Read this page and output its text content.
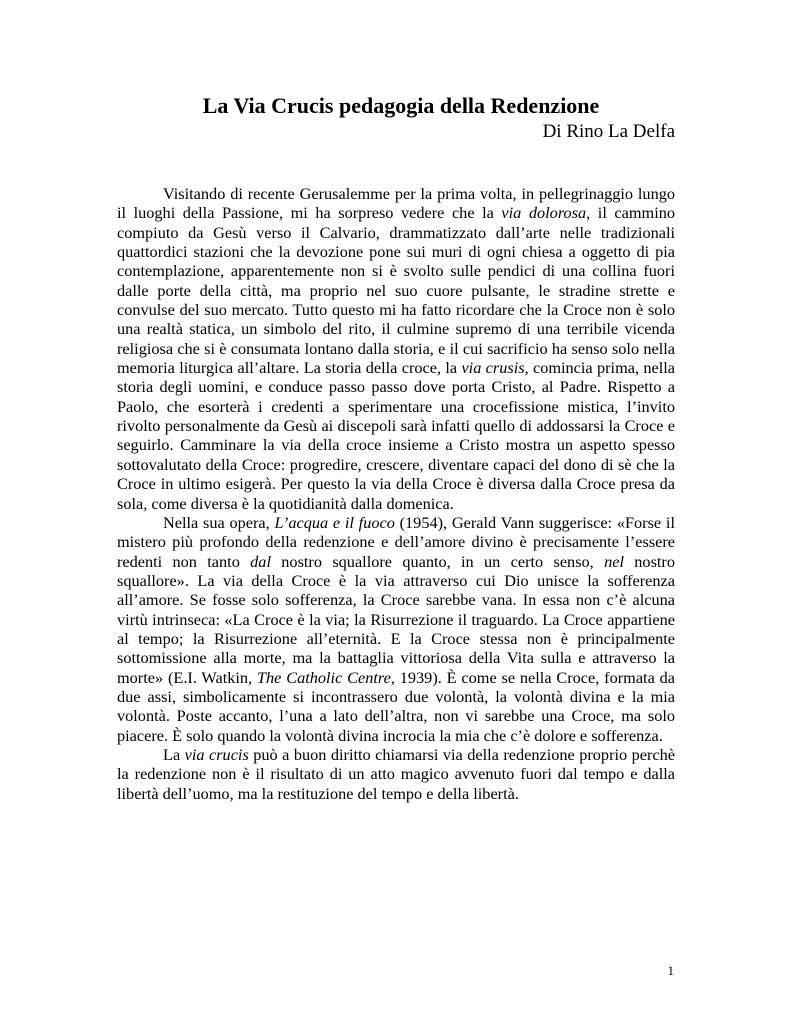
La Via Crucis pedagogia della Redenzione

Di Rino La Delfa

Visitando di recente Gerusalemme per la prima volta, in pellegrinaggio lungo il luoghi della Passione, mi ha sorpreso vedere che la via dolorosa, il cammino compiuto da Gesù verso il Calvario, drammatizzato dall’arte nelle tradizionali quattordici stazioni che la devozione pone sui muri di ogni chiesa a oggetto di pia contemplazione, apparentemente non si è svolto sulle pendici di una collina fuori dalle porte della città, ma proprio nel suo cuore pulsante, le stradine strette e convulse del suo mercato. Tutto questo mi ha fatto ricordare che la Croce non è solo una realtà statica, un simbolo del rito, il culmine supremo di una terribile vicenda religiosa che si è consumata lontano dalla storia, e il cui sacrificio ha senso solo nella memoria liturgica all’altare. La storia della croce, la via crusis, comincia prima, nella storia degli uomini, e conduce passo passo dove porta Cristo, al Padre. Rispetto a Paolo, che esorterà i credenti a sperimentare una crocefissione mistica, l’invito rivolto personalmente da Gesù ai discepoli sarà infatti quello di addossarsi la Croce e seguirlo. Camminare la via della croce insieme a Cristo mostra un aspetto spesso sottovalutato della Croce: progredire, crescere, diventare capaci del dono di sè che la Croce in ultimo esigerà. Per questo la via della Croce è diversa dalla Croce presa da sola, come diversa è la quotidianità dalla domenica.

Nella sua opera, L’acqua e il fuoco (1954), Gerald Vann suggerisce: «Forse il mistero più profondo della redenzione e dell’amore divino è precisamente l’essere redenti non tanto dal nostro squallore quanto, in un certo senso, nel nostro squallore». La via della Croce è la via attraverso cui Dio unisce la sofferenza all’amore. Se fosse solo sofferenza, la Croce sarebbe vana. In essa non c’è alcuna virtù intrinseca: «La Croce è la via; la Risurrezione il traguardo. La Croce appartiene al tempo; la Risurrezione all’eternità. E la Croce stessa non è principalmente sottomissione alla morte, ma la battaglia vittoriosa della Vita sulla e attraverso la morte» (E.I. Watkin, The Catholic Centre, 1939). È come se nella Croce, formata da due assi, simbolicamente si incontrassero due volontà, la volontà divina e la mia volontà. Poste accanto, l’una a lato dell’altra, non vi sarebbe una Croce, ma solo piacere. È solo quando la volontà divina incrocia la mia che c’è dolore e sofferenza.

La via crucis può a buon diritto chiamarsi via della redenzione proprio perchè la redenzione non è il risultato di un atto magico avvenuto fuori dal tempo e dalla libertà dell’uomo, ma la restituzione del tempo e della libertà.

1
